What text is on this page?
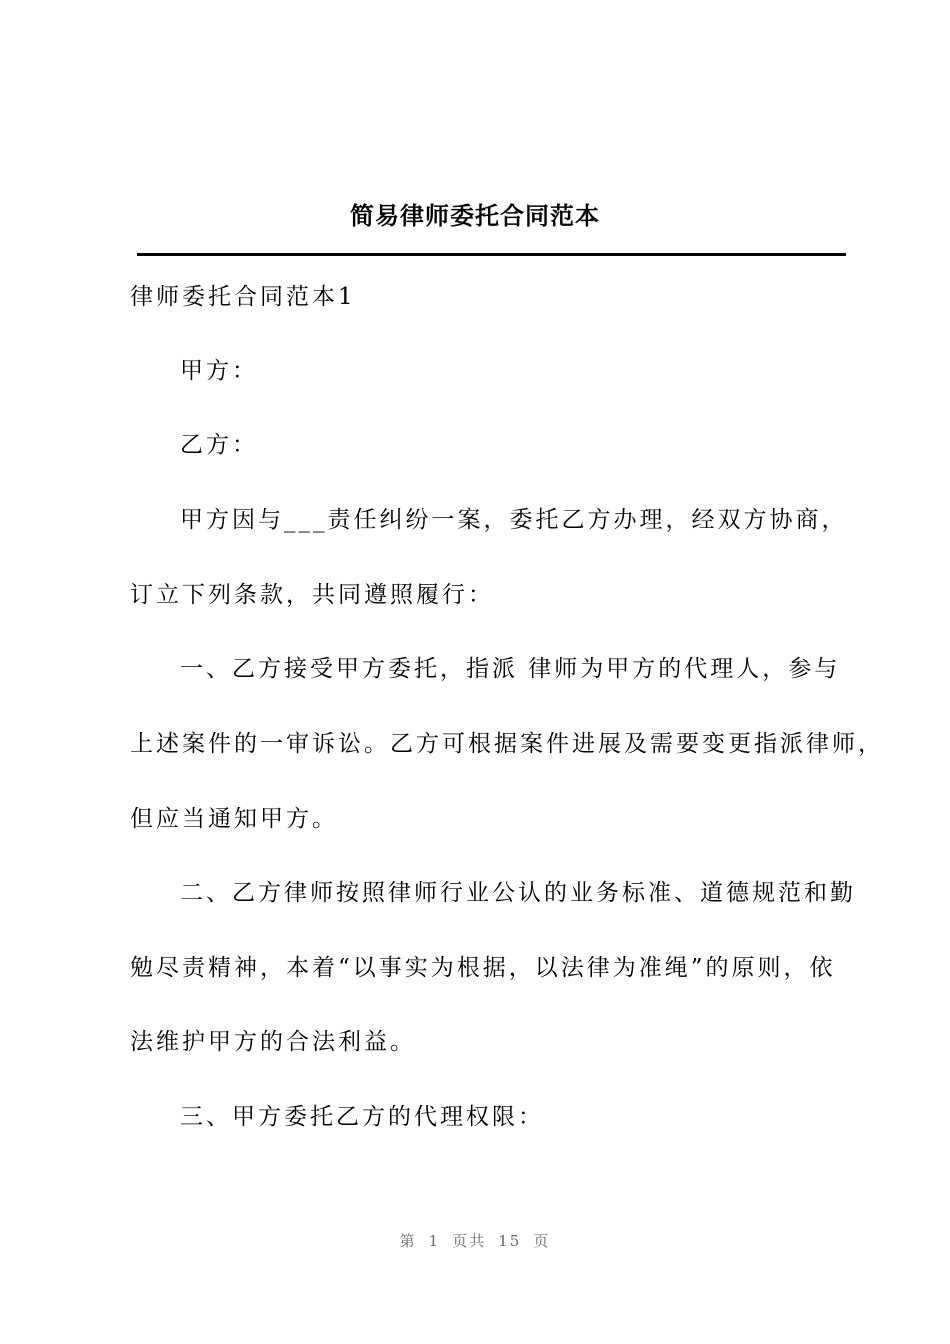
简易律师委托合同范本
律师委托合同范本1
甲方：
乙方：
甲方因与___责任纠纷一案，委托乙方办理，经双方协商，
订立下列条款，共同遵照履行：
一、乙方接受甲方委托，指派 律师为甲方的代理人，参与
上述案件的一审诉讼。乙方可根据案件进展及需要变更指派律师，
但应当通知甲方。
二、乙方律师按照律师行业公认的业务标准、道德规范和勤
勉尽责精神，本着“以事实为根据，以法律为准绳”的原则，依
法维护甲方的合法利益。
三、甲方委托乙方的代理权限：
第 1 页共 15 页
